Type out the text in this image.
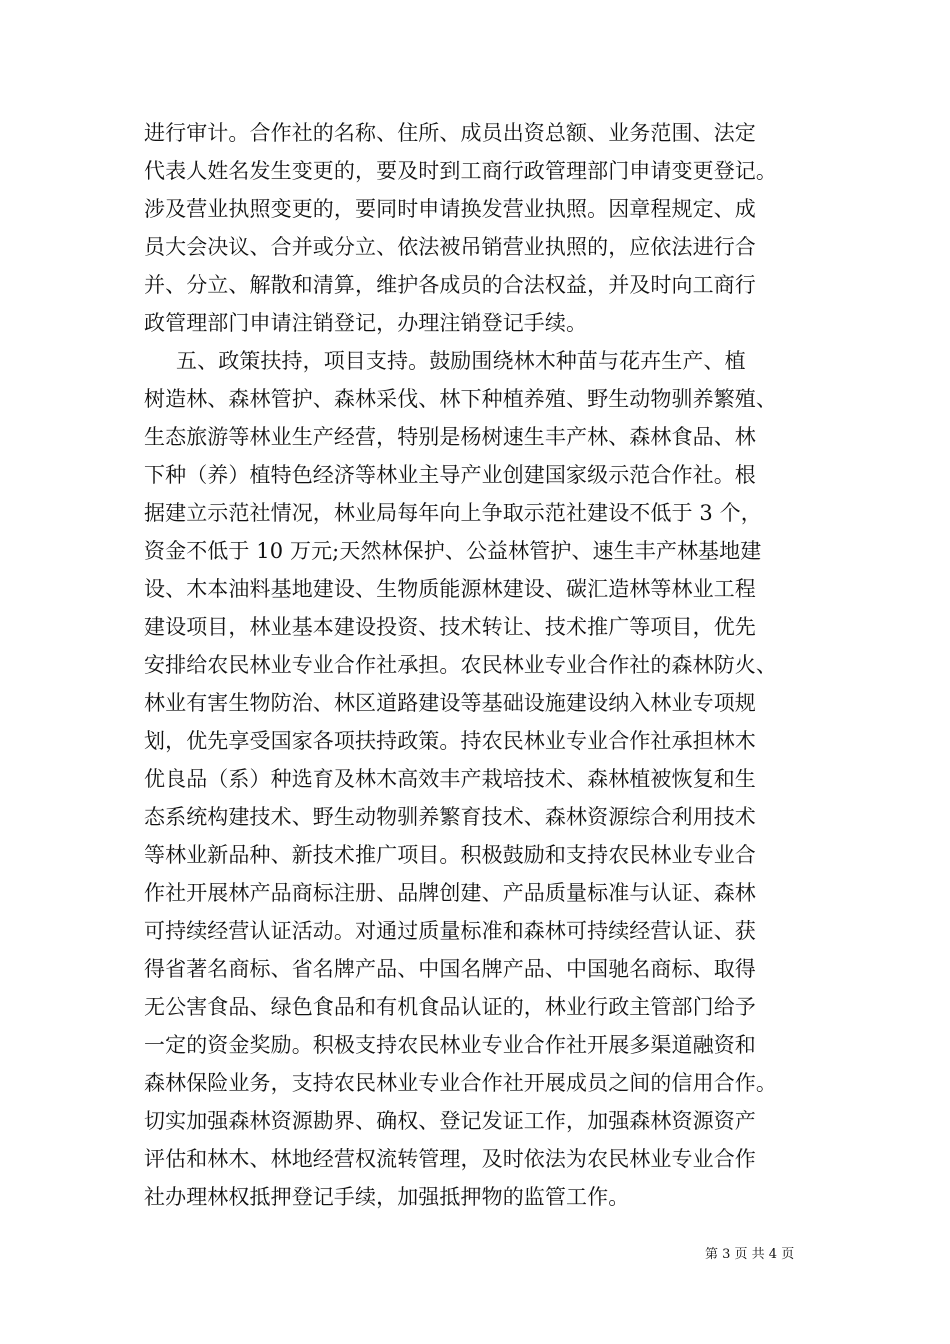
进行审计。合作社的名称、住所、成员出资总额、业务范围、法定
代表人姓名发生变更的，要及时到工商行政管理部门申请变更登记。
涉及营业执照变更的，要同时申请换发营业执照。因章程规定、成
员大会决议、合并或分立、依法被吊销营业执照的，应依法进行合
并、分立、解散和清算，维护各成员的合法权益，并及时向工商行
政管理部门申请注销登记，办理注销登记手续。
五、政策扶持，项目支持。鼓励围绕林木种苗与花卉生产、植
树造林、森林管护、森林采伐、林下种植养殖、野生动物驯养繁殖、
生态旅游等林业生产经营，特别是杨树速生丰产林、森林食品、林
下种（养）植特色经济等林业主导产业创建国家级示范合作社。根
据建立示范社情况，林业局每年向上争取示范社建设不低于 3 个，
资金不低于 10 万元;天然林保护、公益林管护、速生丰产林基地建
设、木本油料基地建设、生物质能源林建设、碳汇造林等林业工程
建设项目，林业基本建设投资、技术转让、技术推广等项目，优先
安排给农民林业专业合作社承担。农民林业专业合作社的森林防火、
林业有害生物防治、林区道路建设等基础设施建设纳入林业专项规
划，优先享受国家各项扶持政策。持农民林业专业合作社承担林木
优良品（系）种选育及林木高效丰产栽培技术、森林植被恢复和生
态系统构建技术、野生动物驯养繁育技术、森林资源综合利用技术
等林业新品种、新技术推广项目。积极鼓励和支持农民林业专业合
作社开展林产品商标注册、品牌创建、产品质量标准与认证、森林
可持续经营认证活动。对通过质量标准和森林可持续经营认证、获
得省著名商标、省名牌产品、中国名牌产品、中国驰名商标、取得
无公害食品、绿色食品和有机食品认证的，林业行政主管部门给予
一定的资金奖励。积极支持农民林业专业合作社开展多渠道融资和
森林保险业务，支持农民林业专业合作社开展成员之间的信用合作。
切实加强森林资源勘界、确权、登记发证工作，加强森林资源资产
评估和林木、林地经营权流转管理，及时依法为农民林业专业合作
社办理林权抵押登记手续，加强抵押物的监管工作。
第 3 页 共 4 页
